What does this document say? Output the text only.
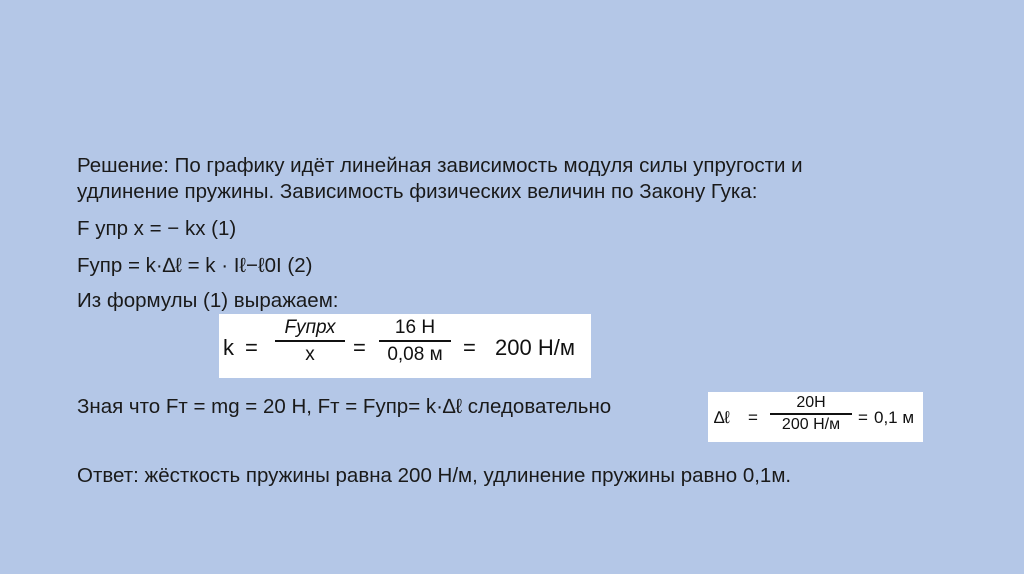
Решение: По графику идёт линейная зависимость модуля силы упругости и

удлинение пружины. Зависимость физических величин по Закону Гука:

F упр x = − kx (1)

Fупр = k·∆ℓ = k · Iℓ−ℓ0I (2)

Из формулы (1) выражаем:

k =
Fупрх
x	=
16 Н
0,08 м = 200 Н/м

Зная что Fт = mg = 20 Н, Fт = Fупр= k·∆ℓ следовательно	∆ℓ =
20Н
200 Н/м	= 0,1 м

Ответ: жёсткость пружины равна 200 Н/м, удлинение пружины равно 0,1м.
